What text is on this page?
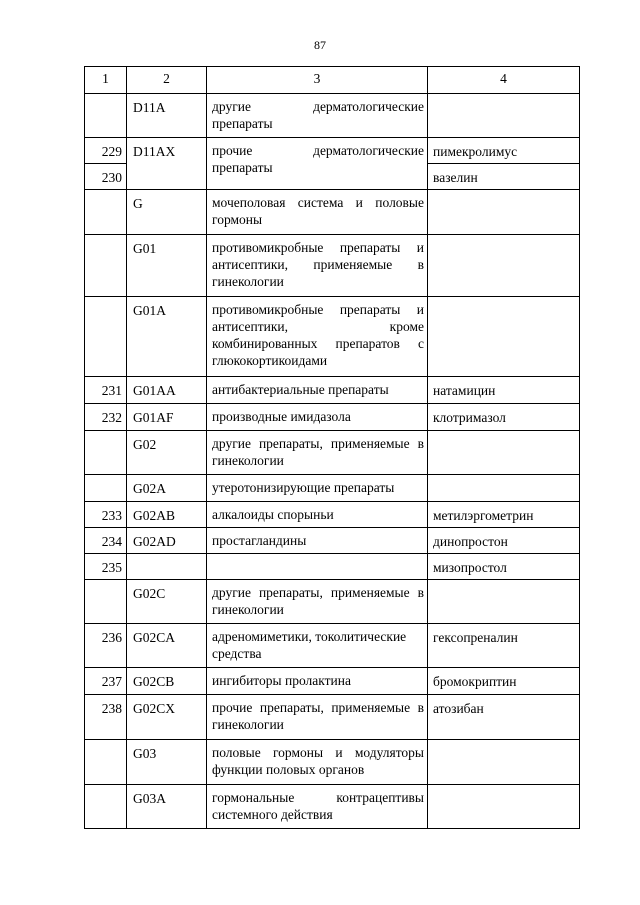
87
1	2	3	4
	D11A	другие дерматологические препараты	
229	D11AX	прочие дерматологические препараты	пимекролимус
230			вазелин
	G	мочеполовая система и половые гормоны	
	G01	противомикробные препараты и антисептики, применяемые в гинекологии	
	G01A	противомикробные препараты и антисептики, кроме комбинированных препаратов с глюкокортикоидами	
231	G01AA	антибактериальные препараты	натамицин
232	G01AF	производные имидазола	клотримазол
	G02	другие препараты, применяемые в гинекологии	
	G02A	утеротонизирующие препараты	
233	G02AB	алкалоиды спорыньи	метилэргометрин
234	G02AD	простагландины	динопростон
235			мизопростол
	G02C	другие препараты, применяемые в гинекологии	
236	G02CA	адреномиметики, токолитические средства	гексопреналин
237	G02CB	ингибиторы пролактина	бромокриптин
238	G02CX	прочие препараты, применяемые в гинекологии	атозибан
	G03	половые гормоны и модуляторы функции половых органов	
	G03A	гормональные контрацептивы системного действия	
